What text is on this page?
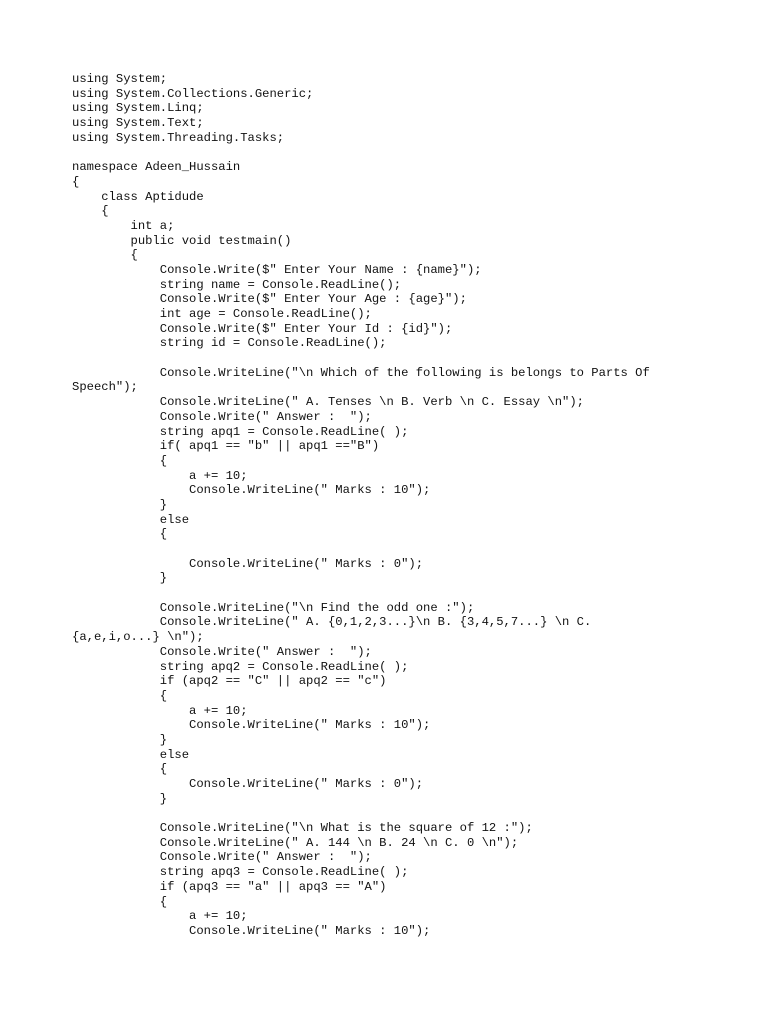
using System;
using System.Collections.Generic;
using System.Linq;
using System.Text;
using System.Threading.Tasks;
namespace Adeen_Hussain
{
class Aptidude
{
int a;
public void testmain()
{
Console.Write($" Enter Your Name : {name}");
string name = Console.ReadLine();
Console.Write($" Enter Your Age : {age}");
int age = Console.ReadLine();
Console.Write($" Enter Your Id : {id}");
string id = Console.ReadLine();
Console.WriteLine("\n Which of the following is belongs to Parts Of
Speech");
Console.WriteLine(" A. Tenses \n B. Verb \n C. Essay \n");
Console.Write(" Answer :  ");
string apq1 = Console.ReadLine( );
if( apq1 == "b" || apq1 =="B")
{
a += 10;
Console.WriteLine(" Marks : 10");
}
else
{
Console.WriteLine(" Marks : 0");
}
Console.WriteLine("\n Find the odd one :");
Console.WriteLine(" A. {0,1,2,3...}\n B. {3,4,5,7...} \n C.
{a,e,i,o...} \n");
Console.Write(" Answer :  ");
string apq2 = Console.ReadLine( );
if (apq2 == "C" || apq2 == "c")
{
a += 10;
Console.WriteLine(" Marks : 10");
}
else
{
Console.WriteLine(" Marks : 0");
}
Console.WriteLine("\n What is the square of 12 :");
Console.WriteLine(" A. 144 \n B. 24 \n C. 0 \n");
Console.Write(" Answer :  ");
string apq3 = Console.ReadLine( );
if (apq3 == "a" || apq3 == "A")
{
a += 10;
Console.WriteLine(" Marks : 10");
